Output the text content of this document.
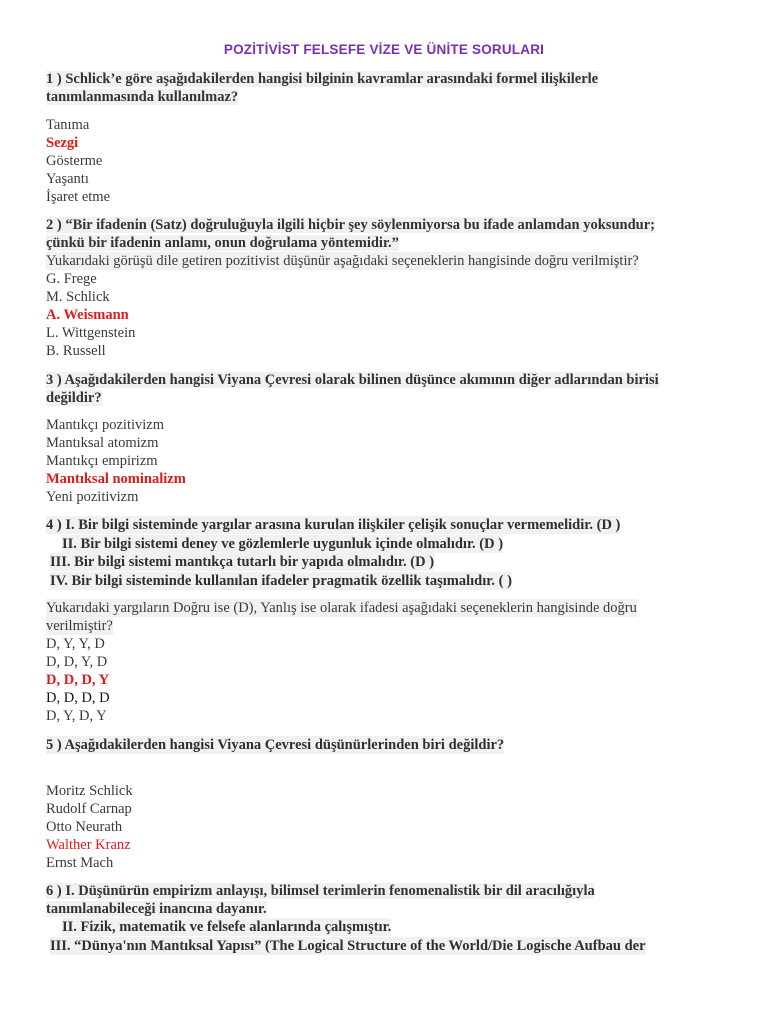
POZİTİVİST FELSEFE VİZE VE ÜNİTE SORULARI
1 ) Schlick’e göre aşağıdakilerden hangisi bilginin kavramlar arasındaki formel ilişkilerle
tanımlanmasında kullanılmaz?
Tanıma
Sezgi
Gösterme
Yaşantı
İşaret etme
2 ) “Bir ifadenin (Satz) doğruluğuyla ilgili hiçbir şey söylenmiyorsa bu ifade anlamdan yoksundur;
çünkü bir ifadenin anlamı, onun doğrulama yöntemidir.”
Yukarıdaki görüşü dile getiren pozitivist düşünür aşağıdaki seçeneklerin hangisinde doğru verilmiştir?
G. Frege
M. Schlick
A. Weismann
L. Wittgenstein
B. Russell
3 ) Aşağıdakilerden hangisi Viyana Çevresi olarak bilinen düşünce akımının diğer adlarından birisi
değildir?
Mantıkçı pozitivizm
Mantıksal atomizm
Mantıkçı empirizm
Mantıksal nominalizm
Yeni pozitivizm
4 ) I. Bir bilgi sisteminde yargılar arasına kurulan ilişkiler çelişik sonuçlar vermemelidir. (D )
II. Bir bilgi sistemi deney ve gözlemlerle uygunluk içinde olmalıdır. (D )
III. Bir bilgi sistemi mantıkça tutarlı bir yapıda olmalıdır. (D )
IV. Bir bilgi sisteminde kullanılan ifadeler pragmatik özellik taşımalıdır. ( )
Yukarıdaki yargıların Doğru ise (D), Yanlış ise olarak ifadesi aşağıdaki seçeneklerin hangisinde doğru
verilmiştir?
D, Y, Y, D
D, D, Y, D
D, D, D, Y
D, D, D, D
D, Y, D, Y
5 ) Aşağıdakilerden hangisi Viyana Çevresi düşünürlerinden biri değildir?
Moritz Schlick
Rudolf Carnap
Otto Neurath
Walther Kranz
Ernst Mach
6 ) I. Düşünürün empirizm anlayışı, bilimsel terimlerin fenomenalistik bir dil aracılığıyla
tanımlanabileceği inancına dayanır.
II. Fizik, matematik ve felsefe alanlarında çalışmıştır.
III. “Dünya'nın Mantıksal Yapısı” (The Logical Structure of the World/Die Logische Aufbau der
